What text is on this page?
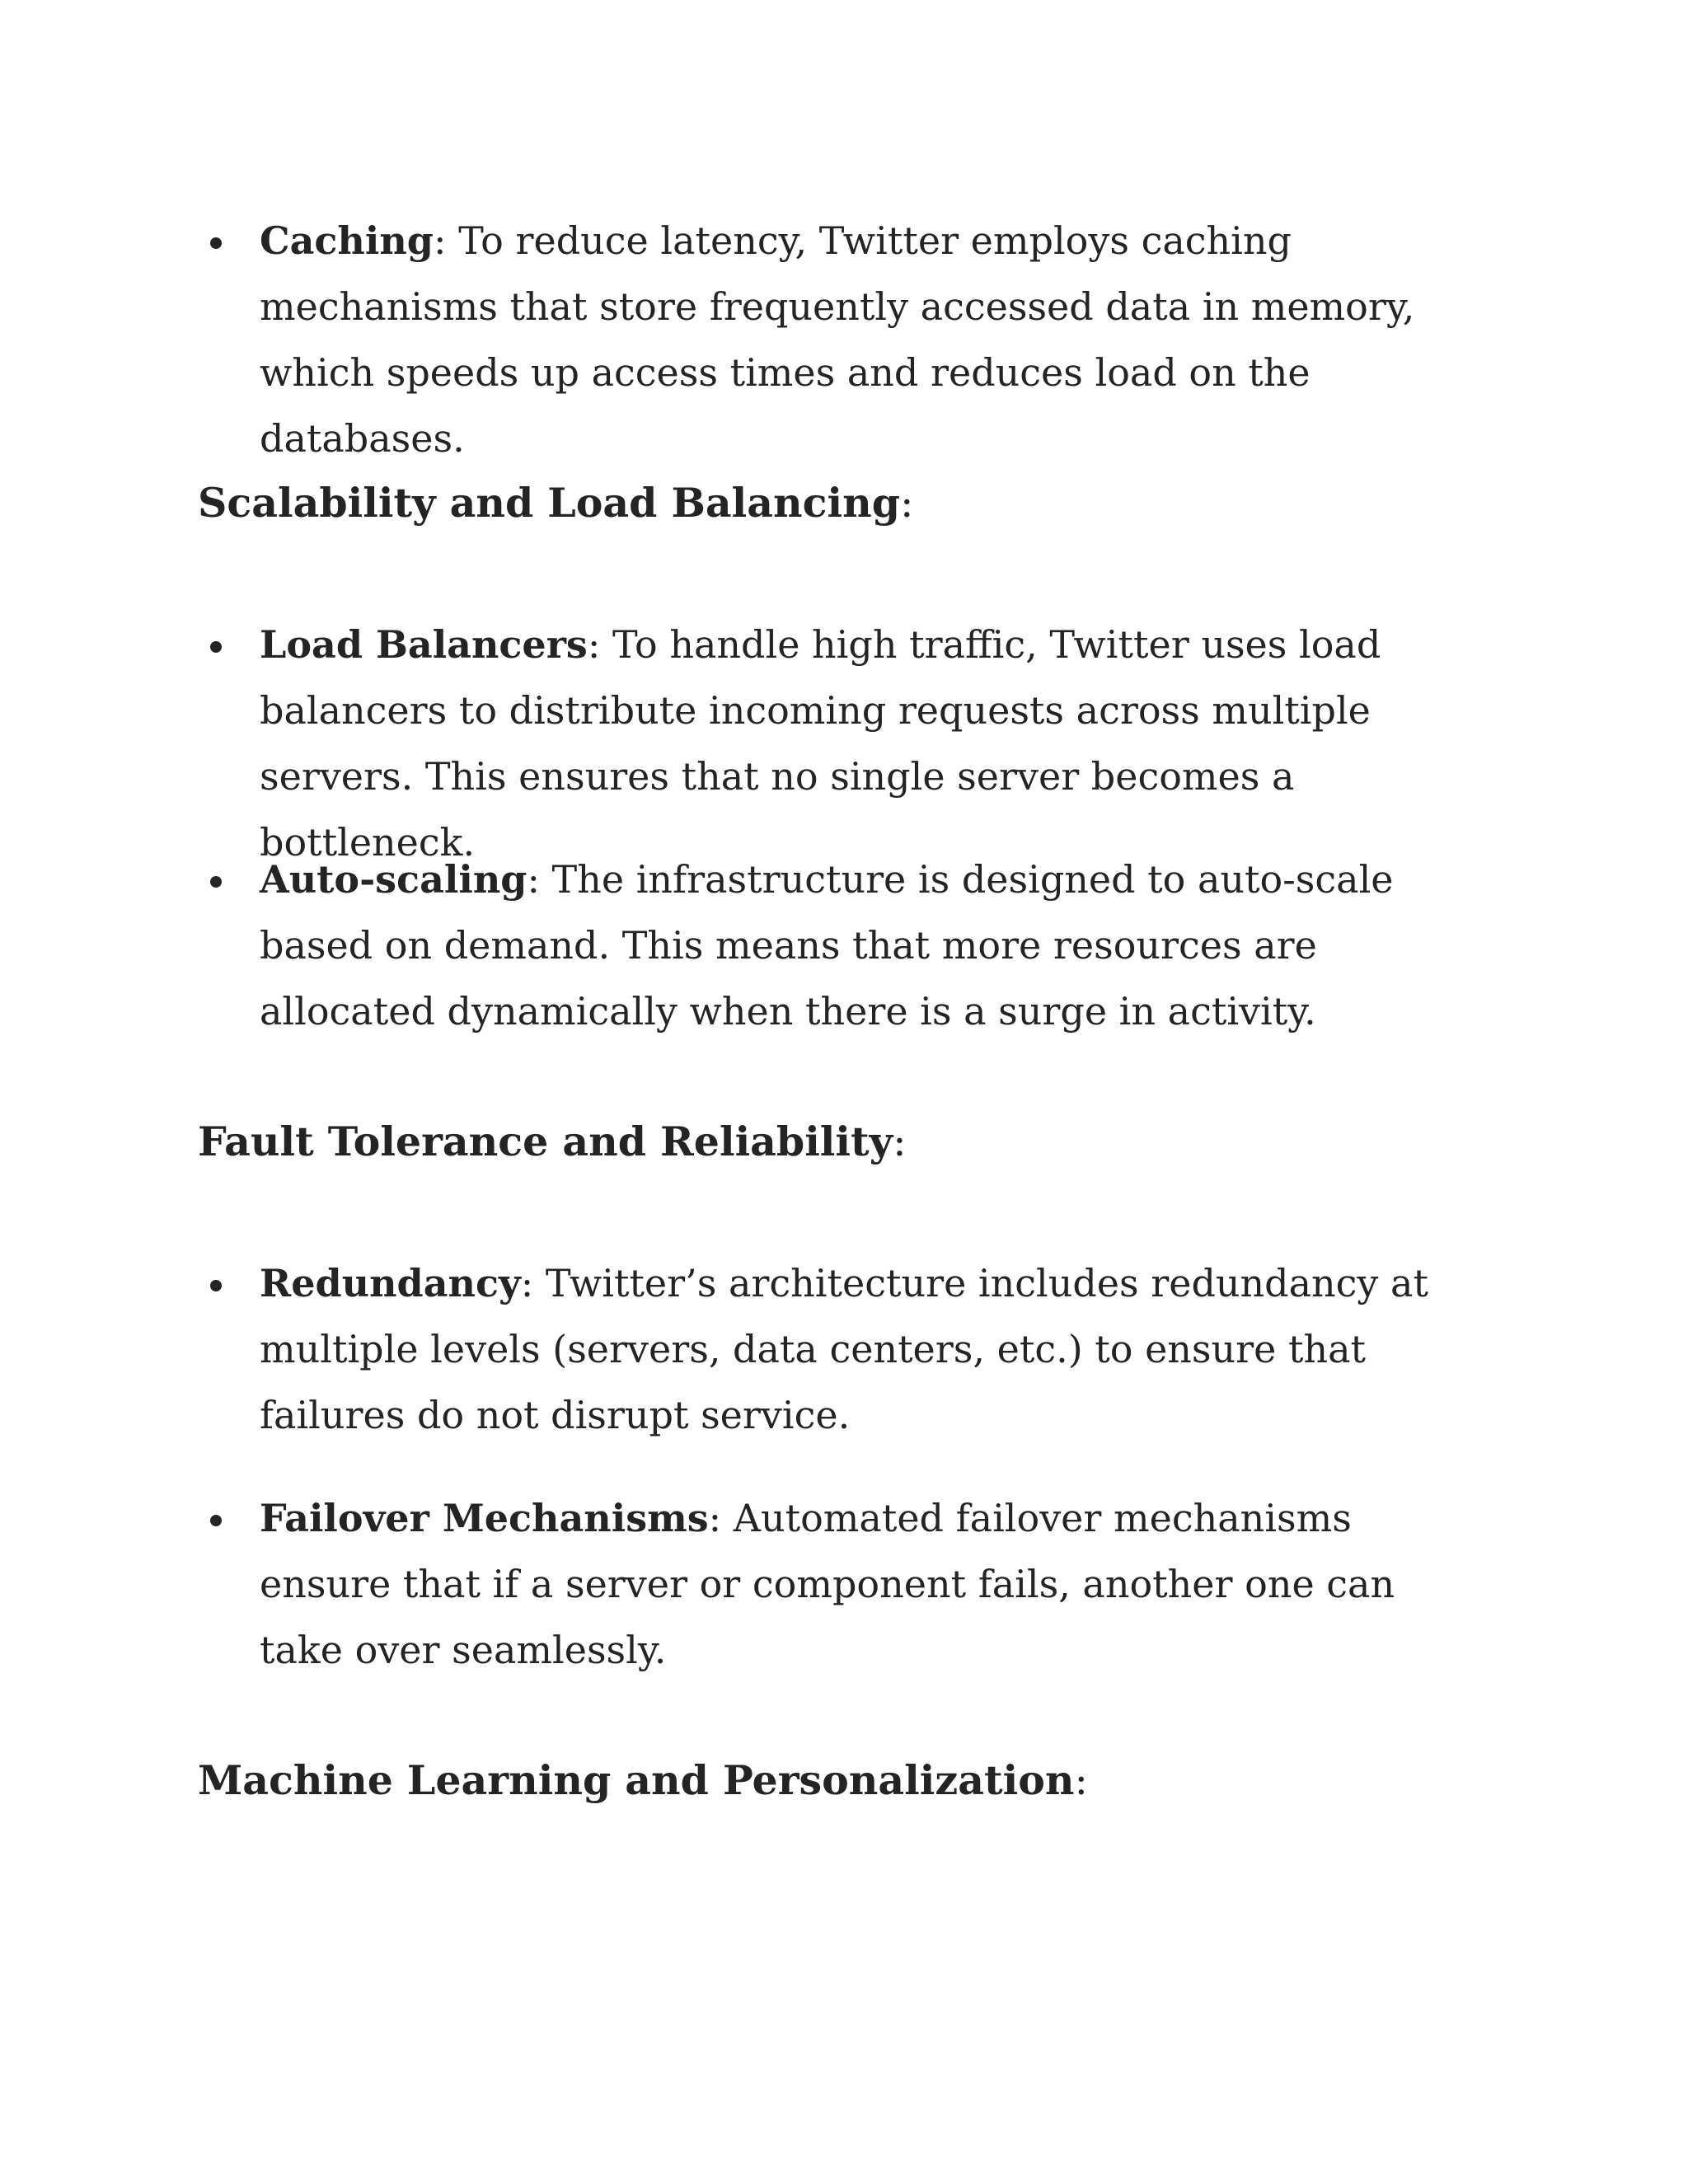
Caching: To reduce latency, Twitter employs caching mechanisms that store frequently accessed data in memory, which speeds up access times and reduces load on the databases.
Scalability and Load Balancing:
Load Balancers: To handle high traffic, Twitter uses load balancers to distribute incoming requests across multiple servers. This ensures that no single server becomes a bottleneck.
Auto-scaling: The infrastructure is designed to auto-scale based on demand. This means that more resources are allocated dynamically when there is a surge in activity.
Fault Tolerance and Reliability:
Redundancy: Twitter’s architecture includes redundancy at multiple levels (servers, data centers, etc.) to ensure that failures do not disrupt service.
Failover Mechanisms: Automated failover mechanisms ensure that if a server or component fails, another one can take over seamlessly.
Machine Learning and Personalization:
